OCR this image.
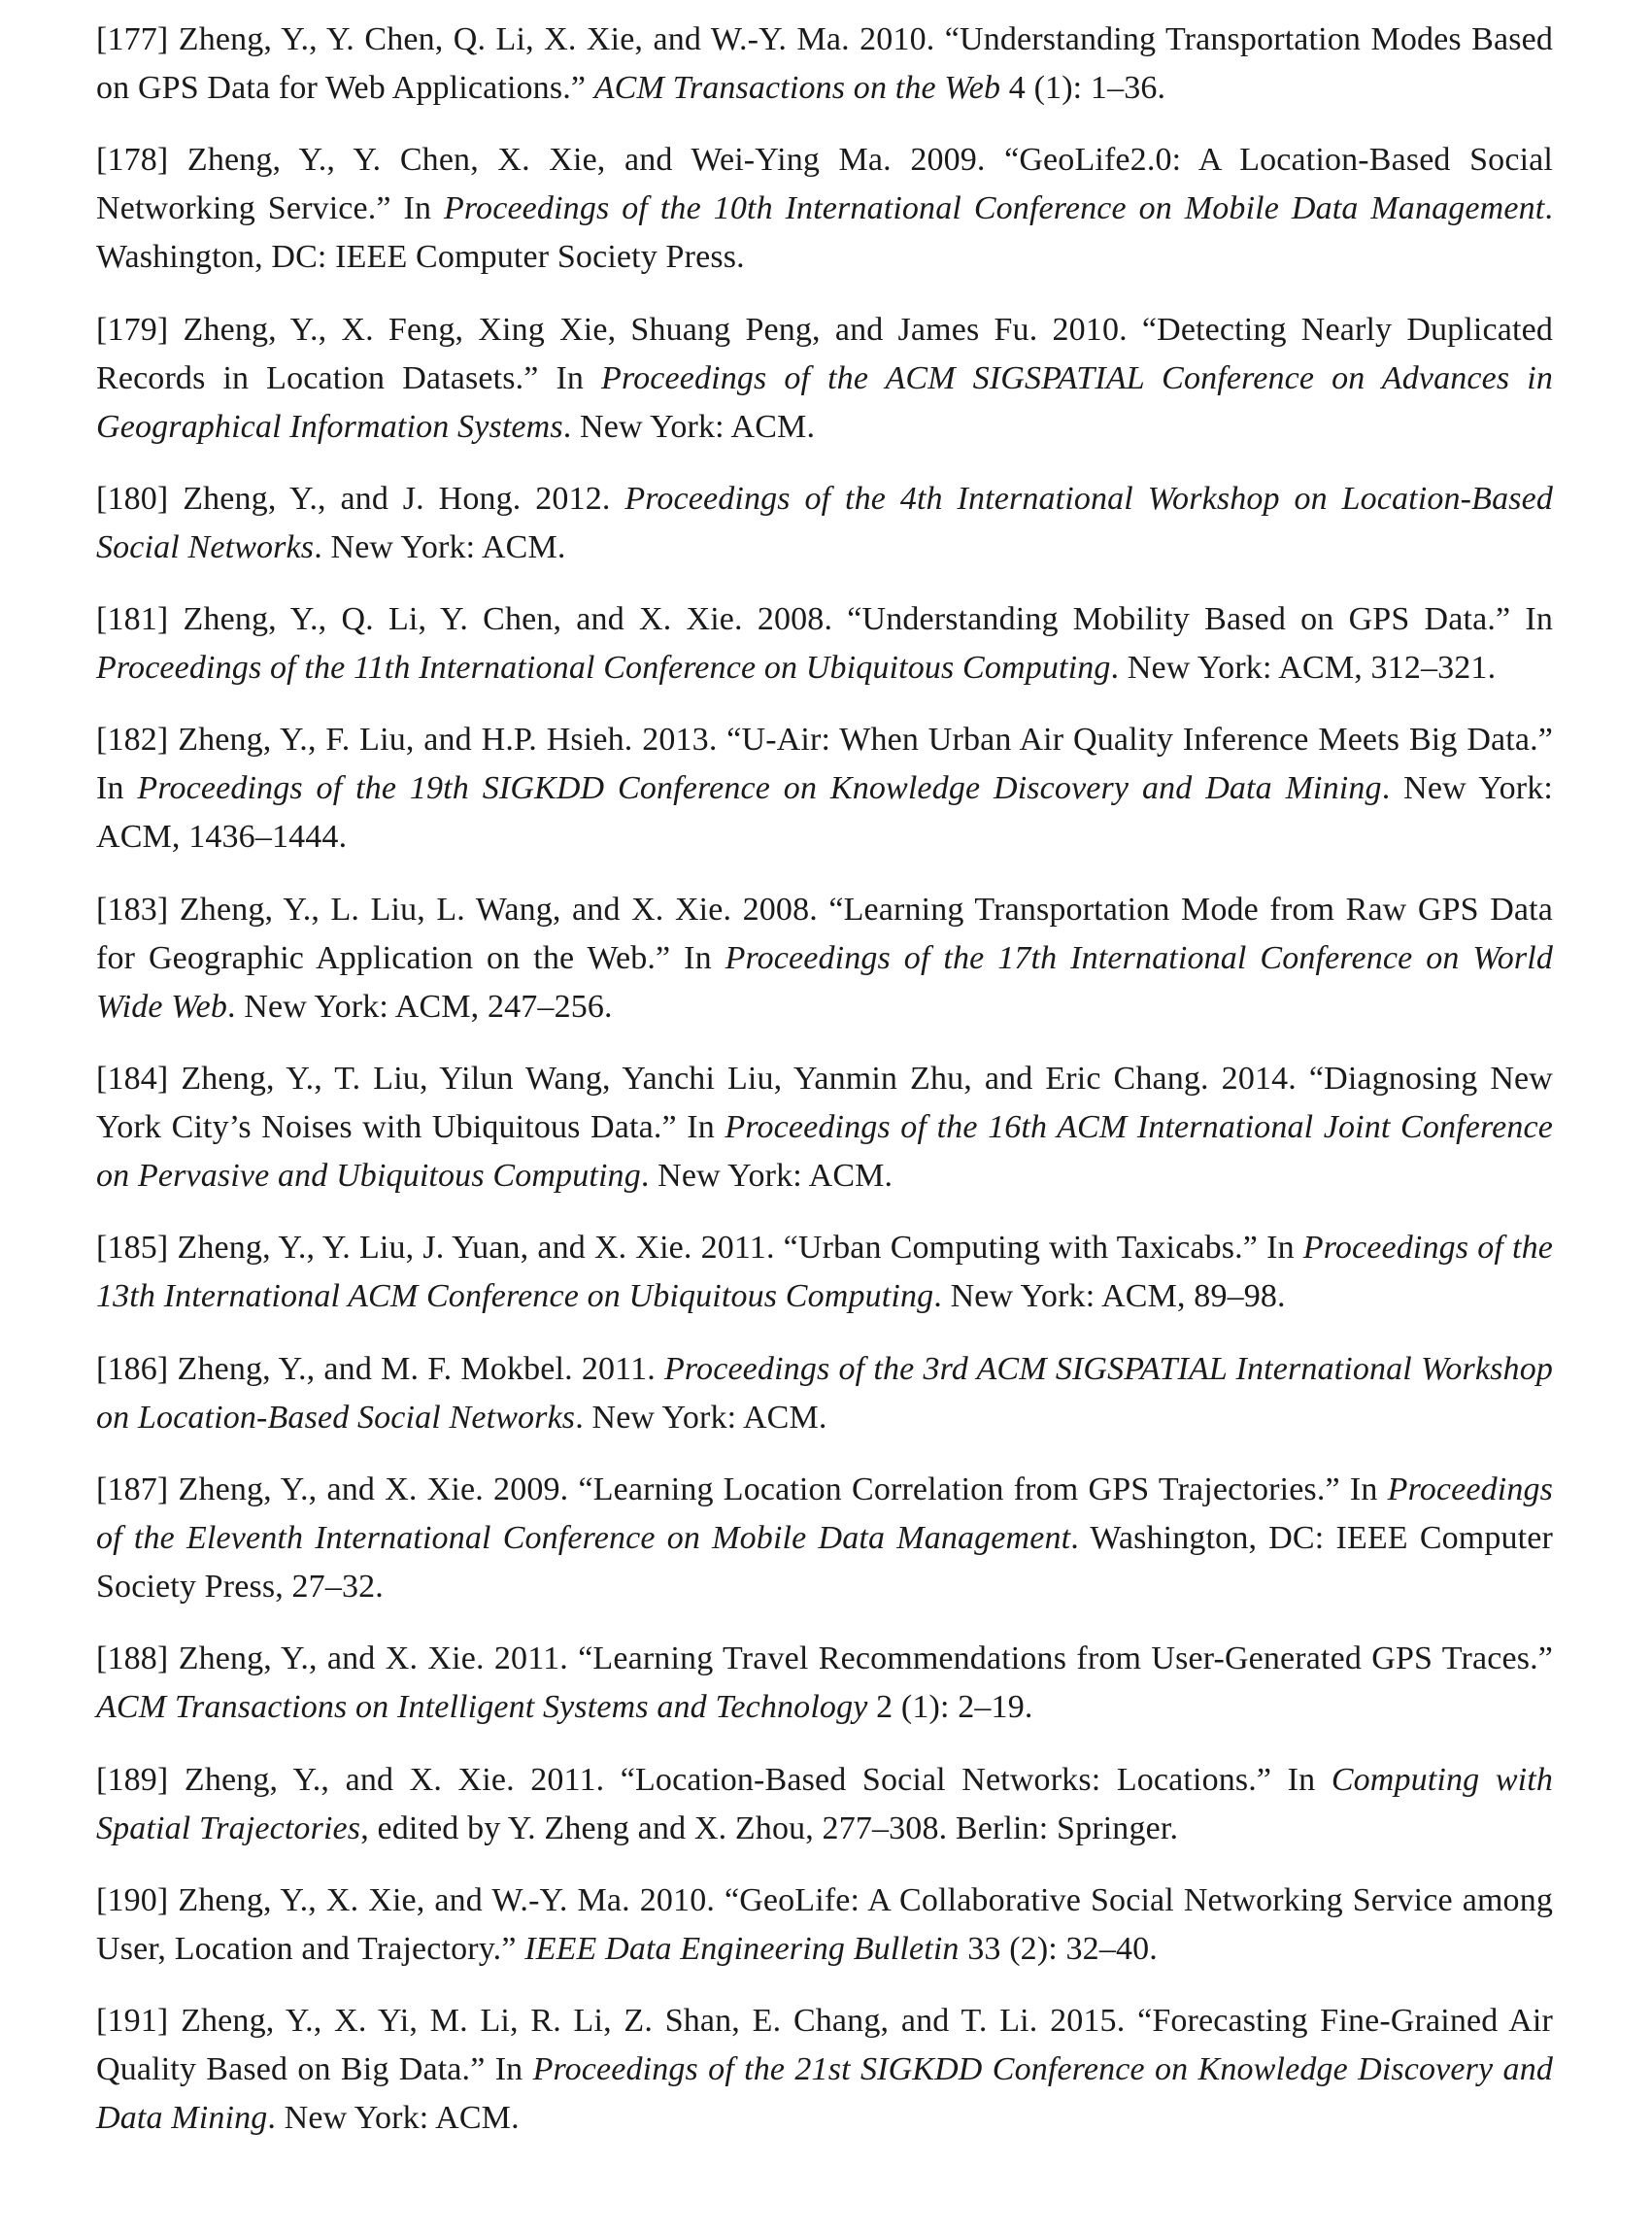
[177] Zheng, Y., Y. Chen, Q. Li, X. Xie, and W.-Y. Ma. 2010. “Understanding Transportation Modes Based on GPS Data for Web Applications.” ACM Transactions on the Web 4 (1): 1–36.

[178] Zheng, Y., Y. Chen, X. Xie, and Wei-Ying Ma. 2009. “GeoLife2.0: A Location-Based Social Networking Service.” In Proceedings of the 10th International Conference on Mobile Data Management. Washington, DC: IEEE Computer Society Press.

[179] Zheng, Y., X. Feng, Xing Xie, Shuang Peng, and James Fu. 2010. “Detecting Nearly Duplicated Records in Location Datasets.” In Proceedings of the ACM SIGSPATIAL Conference on Advances in Geographical Information Systems. New York: ACM.

[180] Zheng, Y., and J. Hong. 2012. Proceedings of the 4th International Workshop on Location-Based Social Networks. New York: ACM.

[181] Zheng, Y., Q. Li, Y. Chen, and X. Xie. 2008. “Understanding Mobility Based on GPS Data.” In Proceedings of the 11th International Conference on Ubiquitous Computing. New York: ACM, 312–321.

[182] Zheng, Y., F. Liu, and H.P. Hsieh. 2013. “U-Air: When Urban Air Quality Inference Meets Big Data.” In Proceedings of the 19th SIGKDD Conference on Knowledge Discovery and Data Mining. New York: ACM, 1436–1444.

[183] Zheng, Y., L. Liu, L. Wang, and X. Xie. 2008. “Learning Transportation Mode from Raw GPS Data for Geographic Application on the Web.” In Proceedings of the 17th International Conference on World Wide Web. New York: ACM, 247–256.

[184] Zheng, Y., T. Liu, Yilun Wang, Yanchi Liu, Yanmin Zhu, and Eric Chang. 2014. “Diagnosing New York City’s Noises with Ubiquitous Data.” In Proceedings of the 16th ACM International Joint Conference on Pervasive and Ubiquitous Computing. New York: ACM.

[185] Zheng, Y., Y. Liu, J. Yuan, and X. Xie. 2011. “Urban Computing with Taxicabs.” In Proceedings of the 13th International ACM Conference on Ubiquitous Computing. New York: ACM, 89–98.

[186] Zheng, Y., and M. F. Mokbel. 2011. Proceedings of the 3rd ACM SIGSPATIAL International Workshop on Location-Based Social Networks. New York: ACM.

[187] Zheng, Y., and X. Xie. 2009. “Learning Location Correlation from GPS Trajectories.” In Proceedings of the Eleventh International Conference on Mobile Data Management. Washington, DC: IEEE Computer Society Press, 27–32.

[188] Zheng, Y., and X. Xie. 2011. “Learning Travel Recommendations from User-Generated GPS Traces.” ACM Transactions on Intelligent Systems and Technology 2 (1): 2–19.

[189] Zheng, Y., and X. Xie. 2011. “Location-Based Social Networks: Locations.” In Computing with Spatial Trajectories, edited by Y. Zheng and X. Zhou, 277–308. Berlin: Springer.

[190] Zheng, Y., X. Xie, and W.-Y. Ma. 2010. “GeoLife: A Collaborative Social Networking Service among User, Location and Trajectory.” IEEE Data Engineering Bulletin 33 (2): 32–40.

[191] Zheng, Y., X. Yi, M. Li, R. Li, Z. Shan, E. Chang, and T. Li. 2015. “Forecasting Fine-Grained Air Quality Based on Big Data.” In Proceedings of the 21st SIGKDD Conference on Knowledge Discovery and Data Mining. New York: ACM.
